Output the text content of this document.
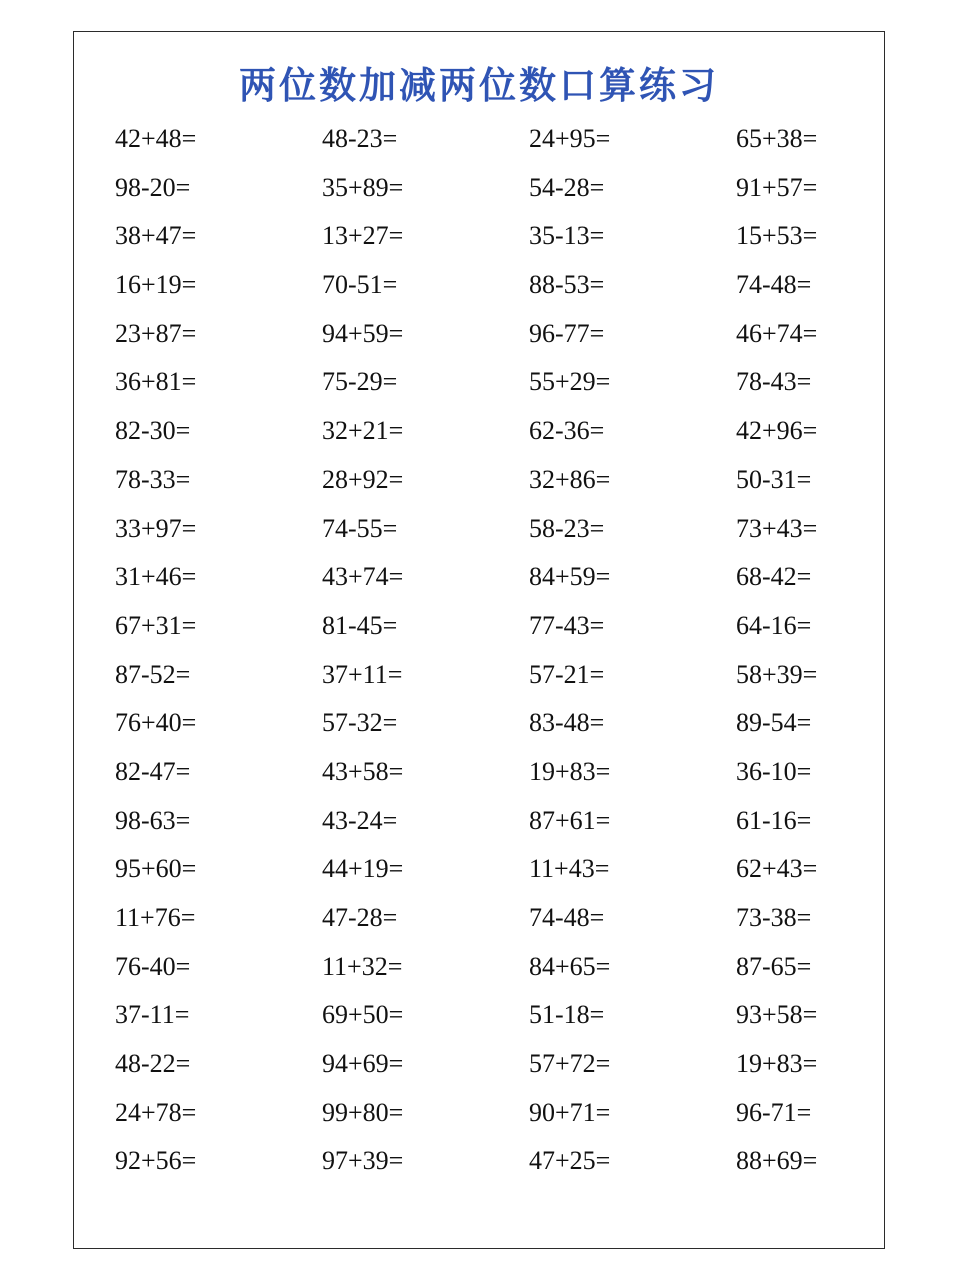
两位数加减两位数口算练习
42+48=	48-23=	24+95=	65+38=
98-20=	35+89=	54-28=	91+57=
38+47=	13+27=	35-13=	15+53=
16+19=	70-51=	88-53=	74-48=
23+87=	94+59=	96-77=	46+74=
36+81=	75-29=	55+29=	78-43=
82-30=	32+21=	62-36=	42+96=
78-33=	28+92=	32+86=	50-31=
33+97=	74-55=	58-23=	73+43=
31+46=	43+74=	84+59=	68-42=
67+31=	81-45=	77-43=	64-16=
87-52=	37+11=	57-21=	58+39=
76+40=	57-32=	83-48=	89-54=
82-47=	43+58=	19+83=	36-10=
98-63=	43-24=	87+61=	61-16=
95+60=	44+19=	11+43=	62+43=
11+76=	47-28=	74-48=	73-38=
76-40=	11+32=	84+65=	87-65=
37-11=	69+50=	51-18=	93+58=
48-22=	94+69=	57+72=	19+83=
24+78=	99+80=	90+71=	96-71=
92+56=	97+39=	47+25=	88+69=
